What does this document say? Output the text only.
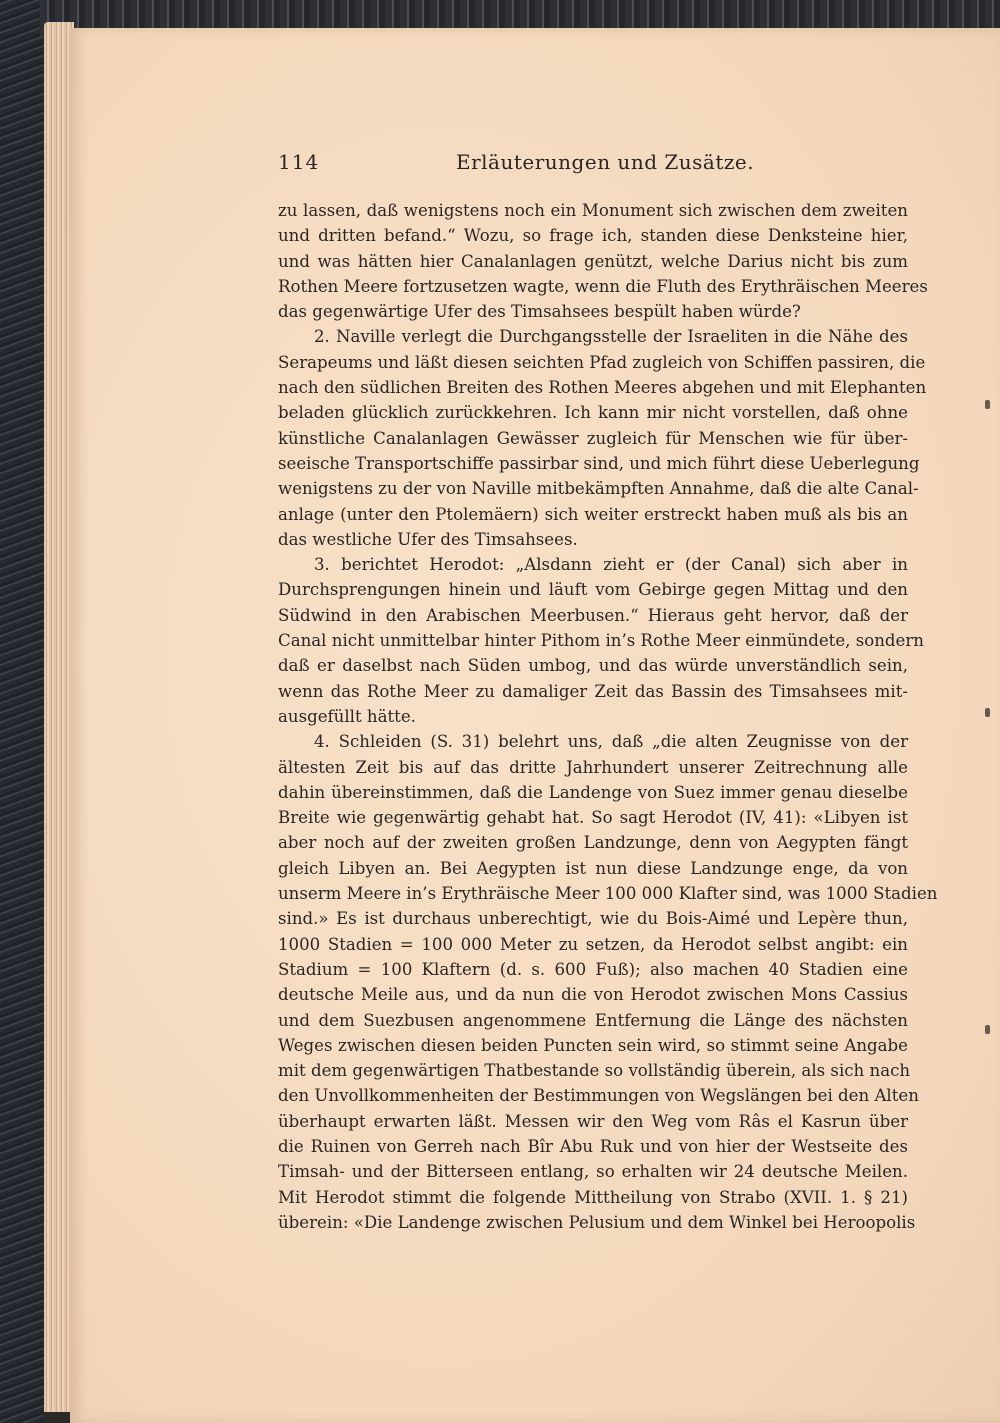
114	Erläuterungen und Zusätze.
zu lassen, daß wenigstens noch ein Monument sich zwischen dem zweiten
und dritten befand.“ Wozu, so frage ich, standen diese Denksteine hier,
und was hätten hier Canalanlagen genützt, welche Darius nicht bis zum
Rothen Meere fortzusetzen wagte, wenn die Fluth des Erythräischen Meeres
das gegenwärtige Ufer des Timsahsees bespült haben würde?
2. Naville verlegt die Durchgangsstelle der Israeliten in die Nähe des
Serapeums und läßt diesen seichten Pfad zugleich von Schiffen passiren, die
nach den südlichen Breiten des Rothen Meeres abgehen und mit Elephanten
beladen glücklich zurückkehren. Ich kann mir nicht vorstellen, daß ohne
künstliche Canalanlagen Gewässer zugleich für Menschen wie für über-
seeische Transportschiffe passirbar sind, und mich führt diese Ueberlegung
wenigstens zu der von Naville mitbekämpften Annahme, daß die alte Canal-
anlage (unter den Ptolemäern) sich weiter erstreckt haben muß als bis an
das westliche Ufer des Timsahsees.
3. berichtet Herodot: „Alsdann zieht er (der Canal) sich aber in
Durchsprengungen hinein und läuft vom Gebirge gegen Mittag und den
Südwind in den Arabischen Meerbusen.“ Hieraus geht hervor, daß der
Canal nicht unmittelbar hinter Pithom in’s Rothe Meer einmündete, sondern
daß er daselbst nach Süden umbog, und das würde unverständlich sein,
wenn das Rothe Meer zu damaliger Zeit das Bassin des Timsahsees mit-
ausgefüllt hätte.
4. Schleiden (S. 31) belehrt uns, daß „die alten Zeugnisse von der
ältesten Zeit bis auf das dritte Jahrhundert unserer Zeitrechnung alle
dahin übereinstimmen, daß die Landenge von Suez immer genau dieselbe
Breite wie gegenwärtig gehabt hat. So sagt Herodot (IV, 41): «Libyen ist
aber noch auf der zweiten großen Landzunge, denn von Aegypten fängt
gleich Libyen an. Bei Aegypten ist nun diese Landzunge enge, da von
unserm Meere in’s Erythräische Meer 100 000 Klafter sind, was 1000 Stadien
sind.» Es ist durchaus unberechtigt, wie du Bois-Aimé und Lepère thun,
1000 Stadien = 100 000 Meter zu setzen, da Herodot selbst angibt: ein
Stadium = 100 Klaftern (d. s. 600 Fuß); also machen 40 Stadien eine
deutsche Meile aus, und da nun die von Herodot zwischen Mons Cassius
und dem Suezbusen angenommene Entfernung die Länge des nächsten
Weges zwischen diesen beiden Puncten sein wird, so stimmt seine Angabe
mit dem gegenwärtigen Thatbestande so vollständig überein, als sich nach
den Unvollkommenheiten der Bestimmungen von Wegslängen bei den Alten
überhaupt erwarten läßt. Messen wir den Weg vom Râs el Kasrun über
die Ruinen von Gerreh nach Bîr Abu Ruk und von hier der Westseite des
Timsah- und der Bitterseen entlang, so erhalten wir 24 deutsche Meilen.
Mit Herodot stimmt die folgende Mittheilung von Strabo (XVII. 1. § 21)
überein: «Die Landenge zwischen Pelusium und dem Winkel bei Heroopolis
